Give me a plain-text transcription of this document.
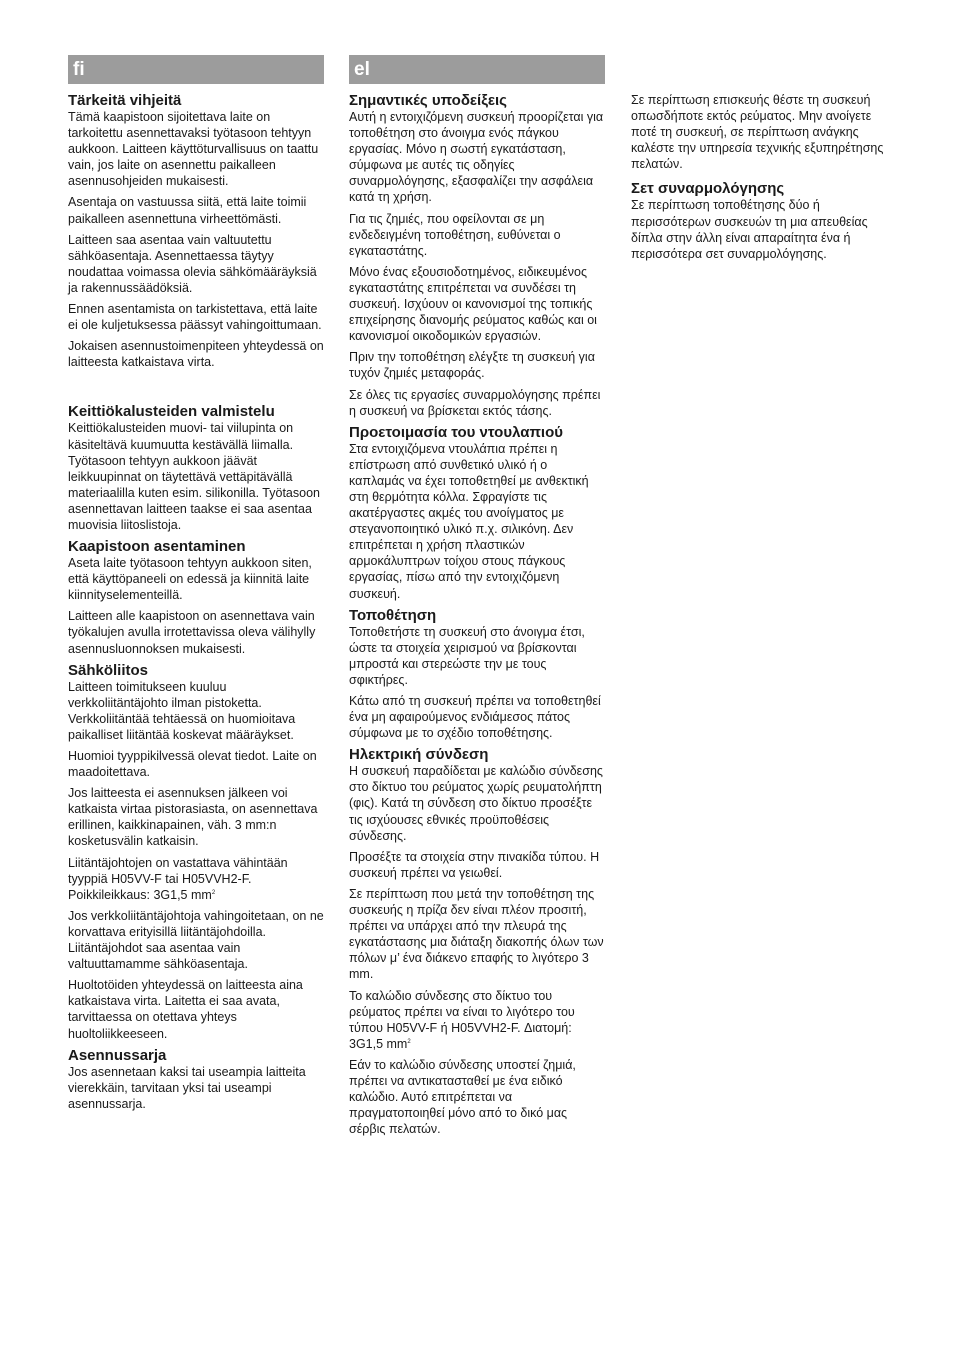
fi
Tärkeitä vihjeitä

Tämä kaapistoon sijoitettava laite on tarkoitettu asennettavaksi työtasoon tehtyyn aukkoon. Laitteen käyttöturvallisuus on taattu vain, jos laite on asennettu paikalleen asennusohjeiden mukaisesti.

Asentaja on vastuussa siitä, että laite toimii paikalleen asennettuna virheettömästi.

Laitteen saa asentaa vain valtuutettu sähköasentaja. Asennettaessa täytyy noudattaa voimassa olevia sähkömääräyksiä ja rakennussäädöksiä.

Ennen asentamista on tarkistettava, että laite ei ole kuljetuksessa päässyt vahingoittumaan.

Jokaisen asennustoimenpiteen yhteydessä on laitteesta katkaistava virta.

Keittiökalusteiden valmistelu

Keittiökalusteiden muovi- tai viilupinta on käsiteltävä kuumuutta kestävällä liimalla. Työtasoon tehtyyn aukkoon jäävät leikkuupinnat on täytettävä vettäpitävällä materiaalilla kuten esim. silikonilla. Työtasoon asennettavan laitteen taakse ei saa asentaa muovisia liitoslistoja.

Kaapistoon asentaminen

Aseta laite työtasoon tehtyyn aukkoon siten, että käyttöpaneeli on edessä ja kiinnitä laite kiinnityselementeillä.

Laitteen alle kaapistoon on asennettava vain työkalujen avulla irrotettavissa oleva välihylly asennusluonnoksen mukaisesti.

Sähköliitos

Laitteen toimitukseen kuuluu verkkoliitäntäjohto ilman pistoketta. Verkkoliitäntää tehtäessä on huomioitava paikalliset liitäntää koskevat määräykset.

Huomioi tyyppikilvessä olevat tiedot. Laite on maadoitettava.

Jos laitteesta ei asennuksen jälkeen voi katkaista virtaa pistorasiasta, on asennettava erillinen, kaikkinapainen, väh. 3 mm:n kosketusvälin katkaisin.

Liitäntäjohtojen on vastattava vähintään tyyppiä H05VV-F tai H05VVH2-F. Poikkileikkaus: 3G1,5 $mm^2$

Jos verkkoliitäntäjohtoja vahingoitetaan, on ne korvattava erityisillä liitäntäjohdoilla. Liitäntäjohdot saa asentaa vain valtuuttamamme sähköasentaja.

Huoltotöiden yhteydessä on laitteesta aina katkaistava virta. Laitetta ei saa avata, tarvittaessa on otettava yhteys huoltoliikkeeseen.

Asennussarja

Jos asennetaan kaksi tai useampia laitteita vierekkäin, tarvitaan yksi tai useampi asennussarja.

el
Σημαντικές υποδείξεις

Αυτή η εντοιχιζόμενη συσκευή προορίζεται για τοποθέτηση στο άνοιγμα ενός πάγκου εργασίας. Μόνο η σωστή εγκατάσταση, σύμφωνα με αυτές τις οδηγίες συναρμολόγησης, εξασφαλίζει την ασφάλεια κατά τη χρήση.

Για τις ζημιές, που οφείλονται σε μη ενδεδειγμένη τοποθέτηση, ευθύνεται ο εγκαταστάτης.

Μόνο ένας εξουσιοδοτημένος, ειδικευμένος εγκαταστάτης επιτρέπεται να συνδέσει τη συσκευή. Ισχύουν οι κανονισμοί της τοπικής επιχείρησης διανομής ρεύματος καθώς και οι κανονισμοί οικοδομικών εργασιών.

Πριν την τοποθέτηση ελέγξτε τη συσκευή για τυχόν ζημιές μεταφοράς.

Σε όλες τις εργασίες συναρμολόγησης πρέπει η συσκευή να βρίσκεται εκτός τάσης.

Προετοιμασία του ντουλαπιού

Στα εντοιχιζόμενα ντουλάπια πρέπει η επίστρωση από συνθετικό υλικό ή ο καπλαμάς να έχει τοποθετηθεί με ανθεκτική στη θερμότητα κόλλα. Σφραγίστε τις ακατέργαστες ακμές του ανοίγματος με στεγανοποιητικό υλικό π.χ. σιλικόνη. Δεν επιτρέπεται η χρήση πλαστικών αρμοκάλυπτρων τοίχου στους πάγκους εργασίας, πίσω από την εντοιχιζόμενη συσκευή.

Τοποθέτηση

Τοποθετήστε τη συσκευή στο άνοιγμα έτσι, ώστε τα στοιχεία χειρισμού να βρίσκονται μπροστά και στερεώστε την με τους σφικτήρες.

Κάτω από τη συσκευή πρέπει να τοποθετηθεί ένα μη αφαιρούμενος ενδιάμεσος πάτος σύμφωνα με το σχέδιο τοποθέτησης.

Ηλεκτρική σύνδεση

Η συσκευή παραδίδεται με καλώδιο σύνδεσης στο δίκτυο του ρεύματος χωρίς ρευματολήπτη (φις). Κατά τη σύνδεση στο δίκτυο προσέξτε τις ισχύουσες εθνικές προϋποθέσεις σύνδεσης.

Προσέξτε τα στοιχεία στην πινακίδα τύπου. Η συσκευή πρέπει να γειωθεί.

Σε περίπτωση που μετά την τοποθέτηση της συσκευής η πρίζα δεν είναι πλέον προσιτή, πρέπει να υπάρχει από την πλευρά της εγκατάστασης μια διάταξη διακοπής όλων των πόλων μ’ ένα διάκενο επαφής το λιγότερο 3 mm.

Το καλώδιο σύνδεσης στο δίκτυο του ρεύματος πρέπει να είναι το λιγότερο του τύπου H05VV-F ή H05VVH2-F. Διατομή: 3G1,5 $mm^2$

Εάν το καλώδιο σύνδεσης υποστεί ζημιά, πρέπει να αντικατασταθεί με ένα ειδικό καλώδιο. Αυτό επιτρέπεται να πραγματοποιηθεί μόνο από το δικό μας σέρβις πελατών.

Σε περίπτωση επισκευής θέστε τη συσκευή οπωσδήποτε εκτός ρεύματος. Μην ανοίγετε ποτέ τη συσκευή, σε περίπτωση ανάγκης καλέστε την υπηρεσία τεχνικής εξυπηρέτησης πελατών.

Σετ συναρμολόγησης

Σε περίπτωση τοποθέτησης δύο ή περισσότερων συσκευών τη μια απευθείας δίπλα στην άλλη είναι απαραίτητα ένα ή περισσότερα σετ συναρμολόγησης.
